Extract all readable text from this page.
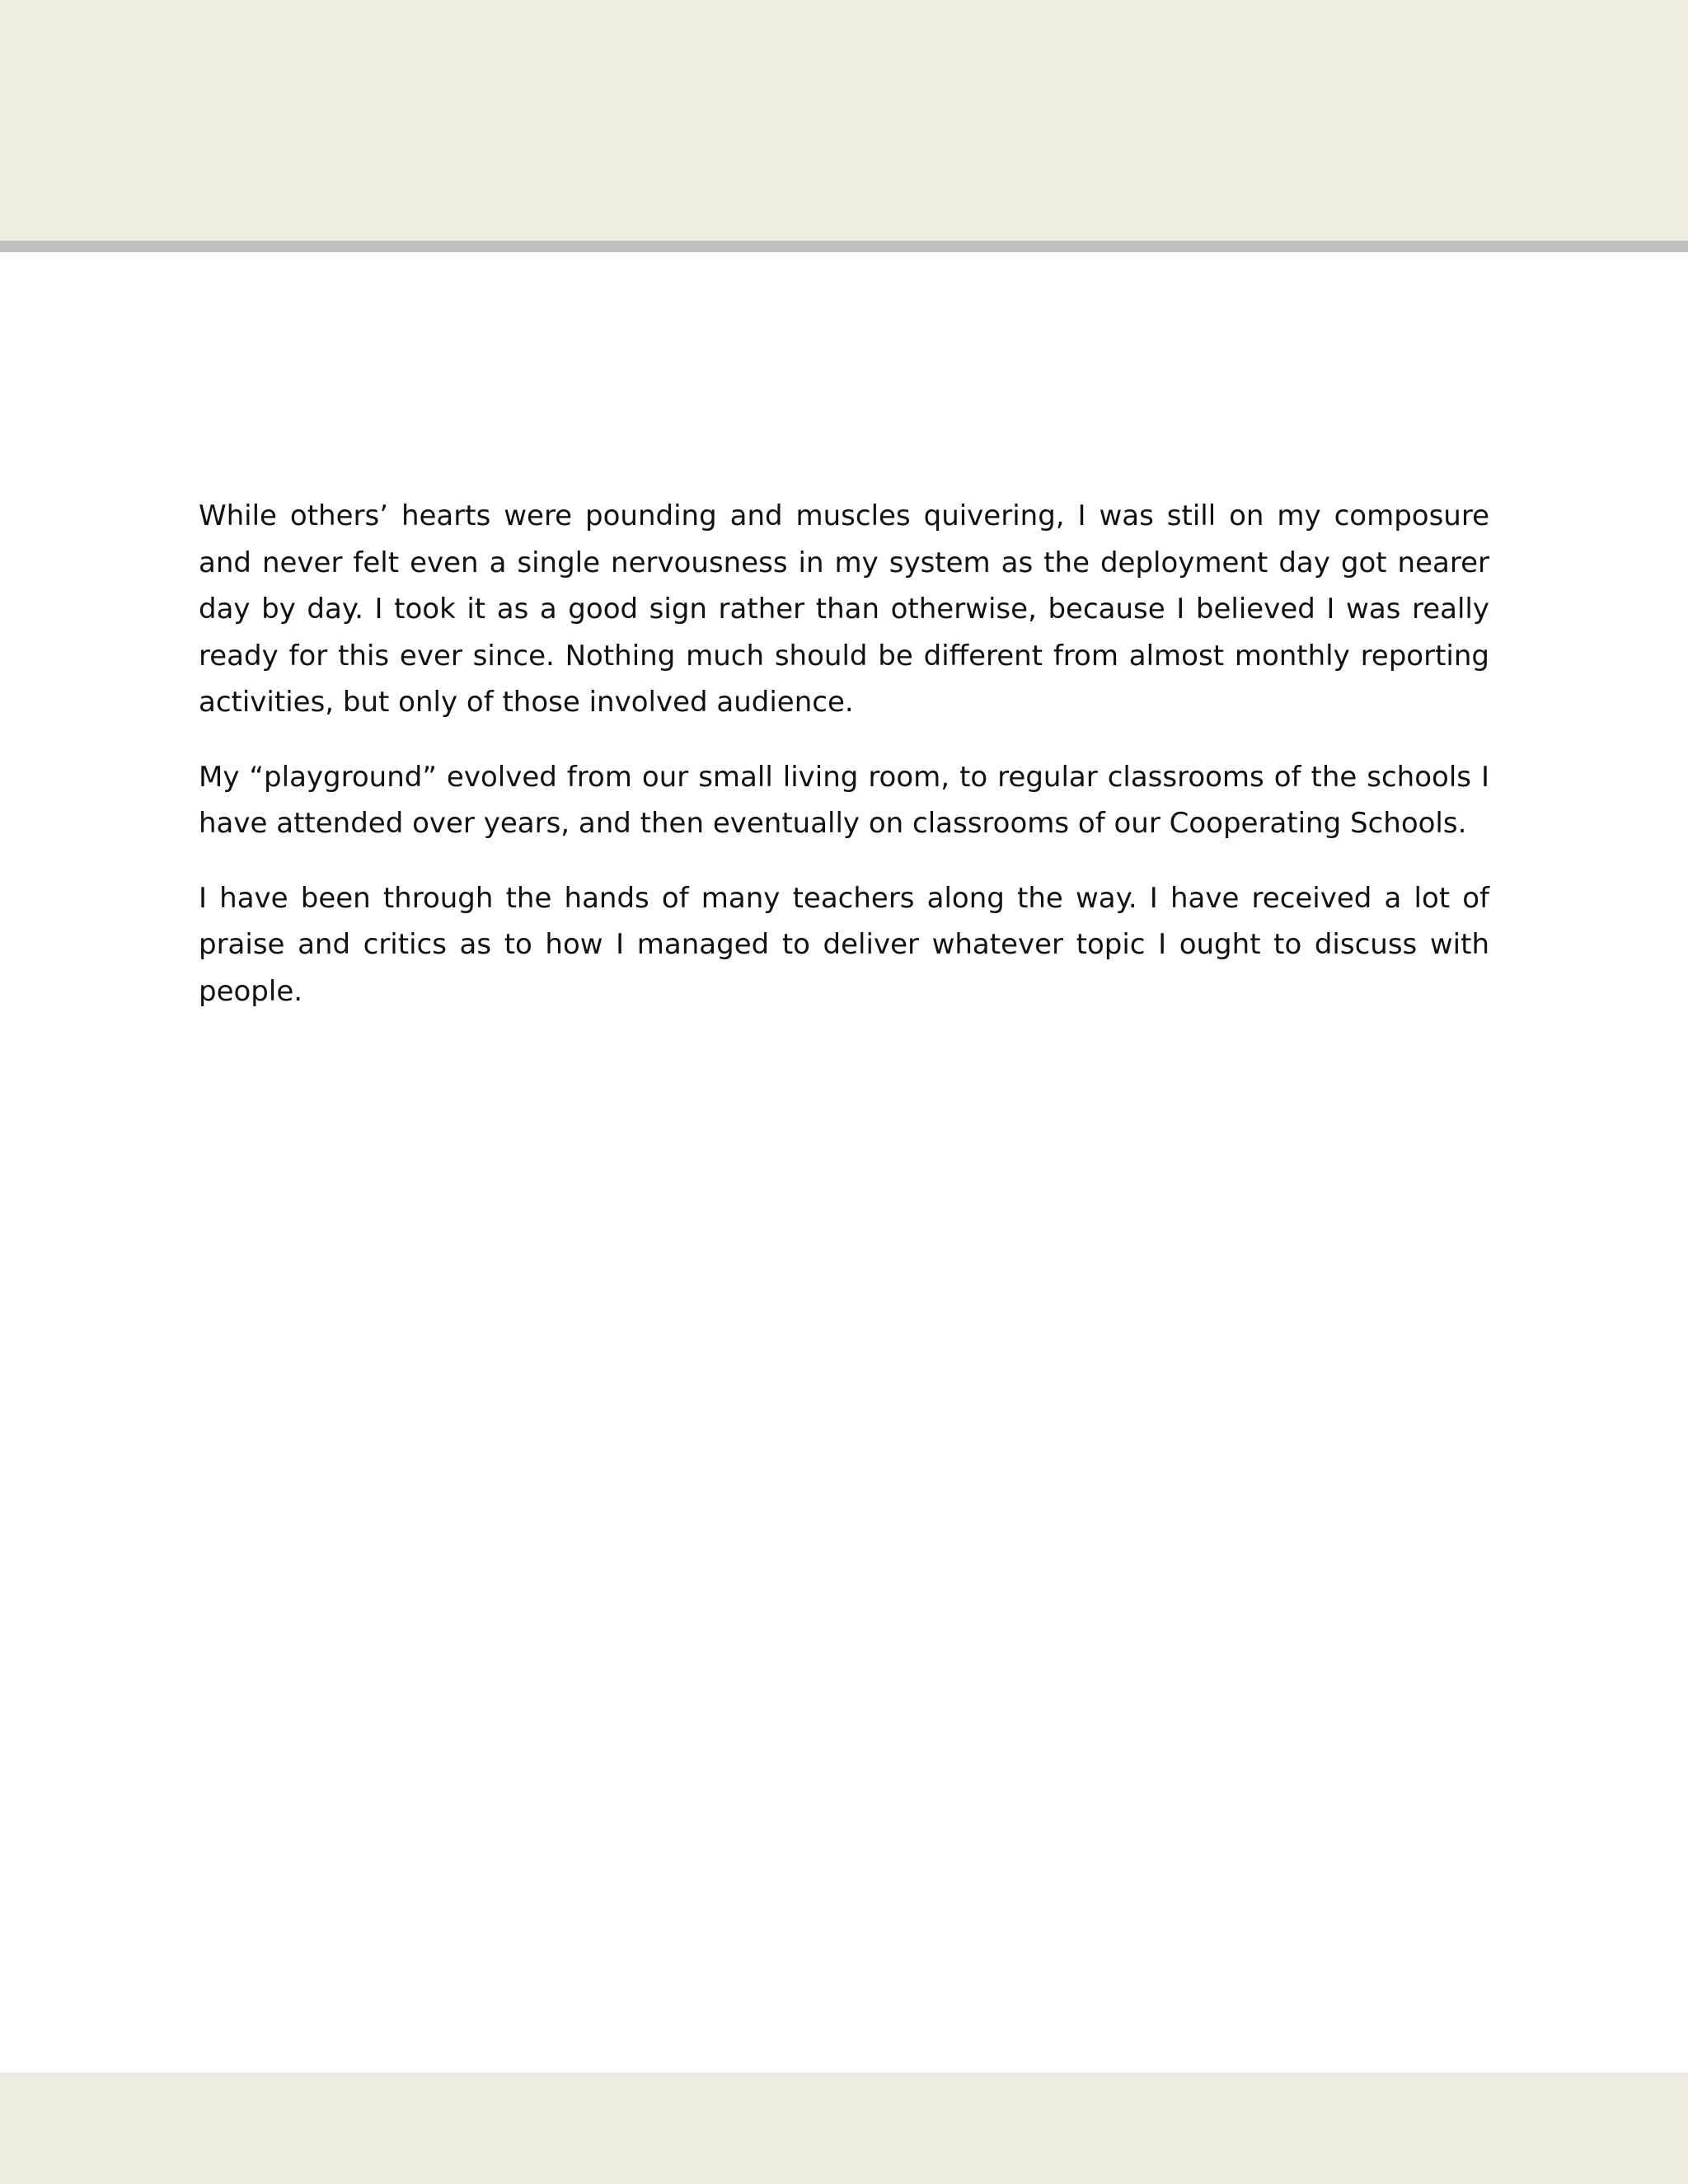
While others’ hearts were pounding and muscles quivering, I was still on my composure and never felt even a single nervousness in my system as the deployment day got nearer day by day. I took it as a good sign rather than otherwise, because I believed I was really ready for this ever since. Nothing much should be different from almost monthly reporting activities, but only of those involved audience.

My “playground” evolved from our small living room, to regular classrooms of the schools I have attended over years, and then eventually on classrooms of our Cooperating Schools.

I have been through the hands of many teachers along the way. I have received a lot of praise and critics as to how I managed to deliver whatever topic I ought to discuss with people.
